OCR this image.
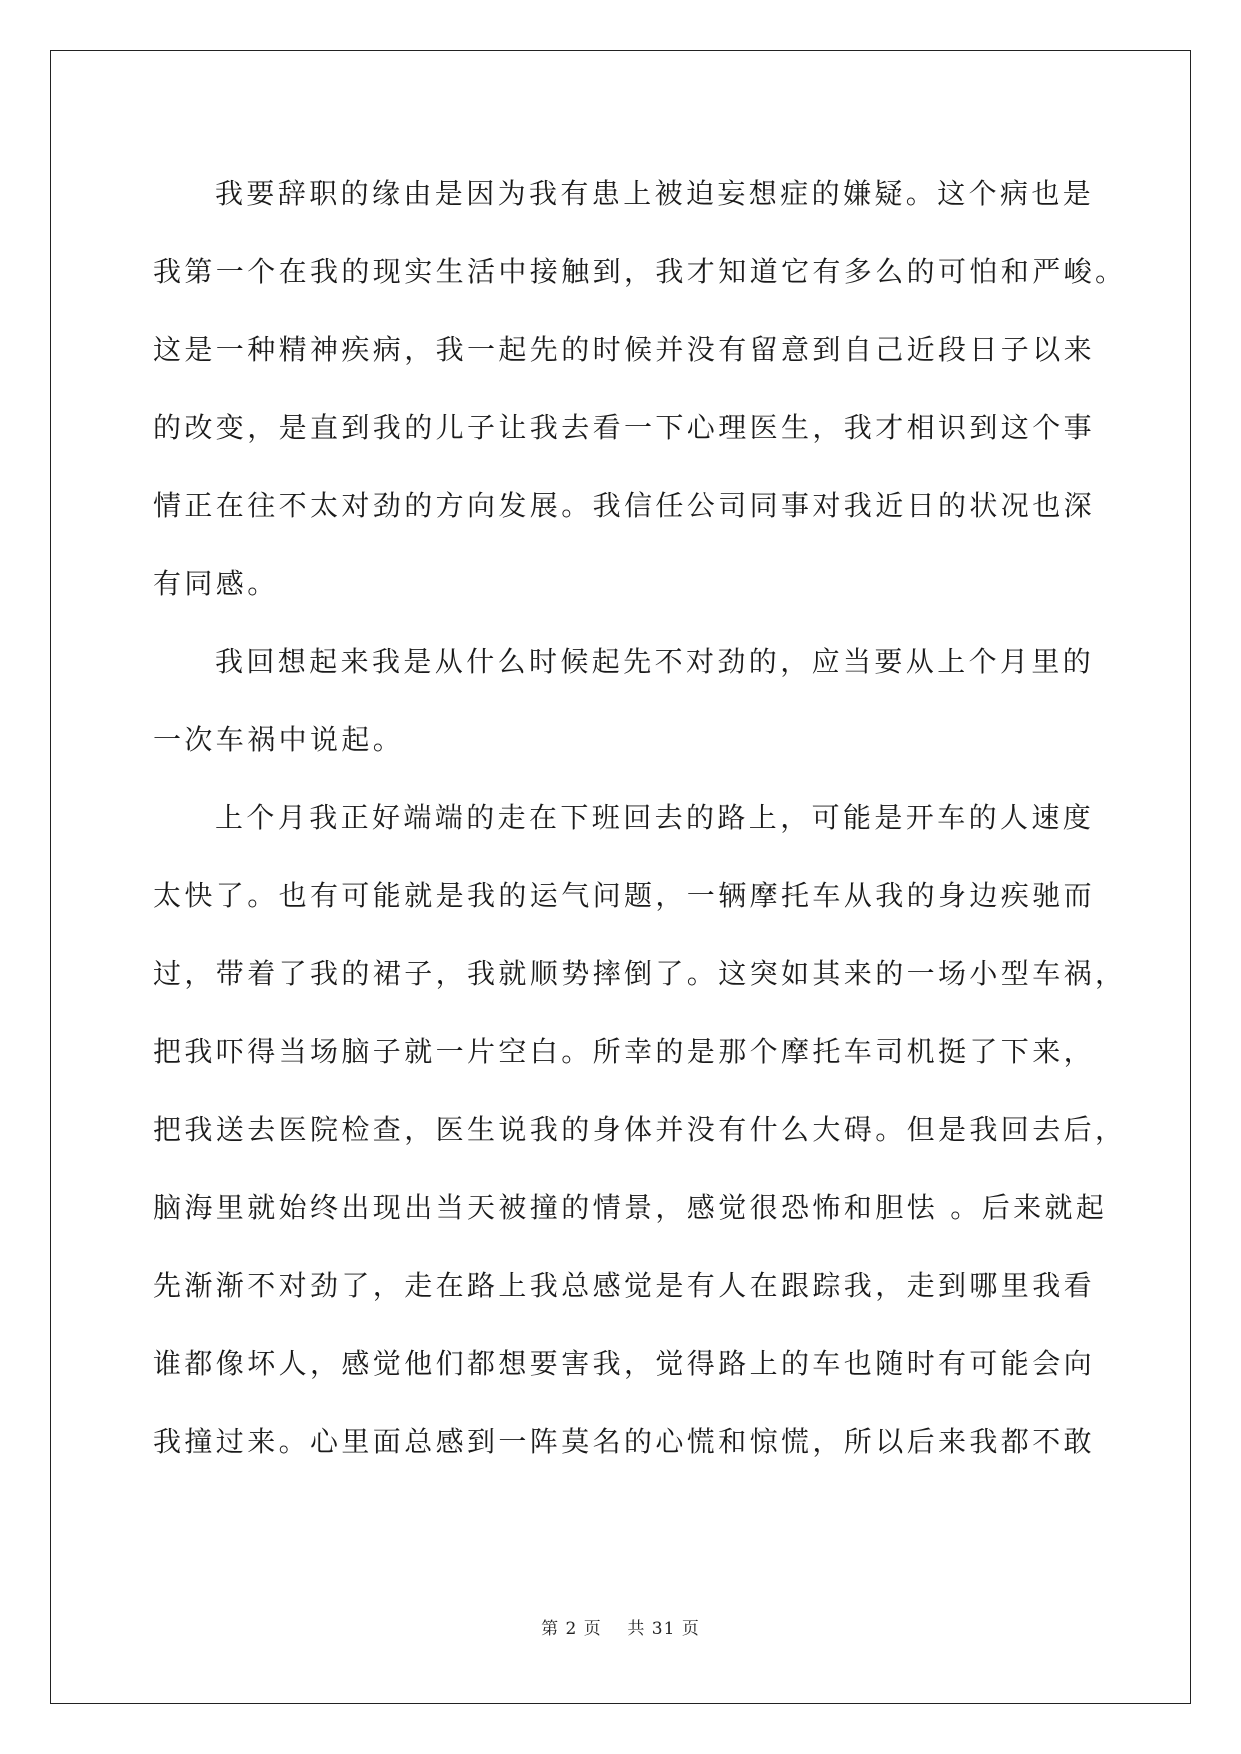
我要辞职的缘由是因为我有患上被迫妄想症的嫌疑。这个病也是
我第一个在我的现实生活中接触到，我才知道它有多么的可怕和严峻。
这是一种精神疾病，我一起先的时候并没有留意到自己近段日子以来
的改变，是直到我的儿子让我去看一下心理医生，我才相识到这个事
情正在往不太对劲的方向发展。我信任公司同事对我近日的状况也深
有同感。

我回想起来我是从什么时候起先不对劲的，应当要从上个月里的
一次车祸中说起。

上个月我正好端端的走在下班回去的路上，可能是开车的人速度
太快了。也有可能就是我的运气问题，一辆摩托车从我的身边疾驰而
过，带着了我的裙子，我就顺势摔倒了。这突如其来的一场小型车祸，
把我吓得当场脑子就一片空白。所幸的是那个摩托车司机挺了下来，
把我送去医院检查，医生说我的身体并没有什么大碍。但是我回去后，
脑海里就始终出现出当天被撞的情景，感觉很恐怖和胆怯 。后来就起
先渐渐不对劲了，走在路上我总感觉是有人在跟踪我，走到哪里我看
谁都像坏人，感觉他们都想要害我，觉得路上的车也随时有可能会向
我撞过来。心里面总感到一阵莫名的心慌和惊慌，所以后来我都不敢

第 2 页 共 31 页
